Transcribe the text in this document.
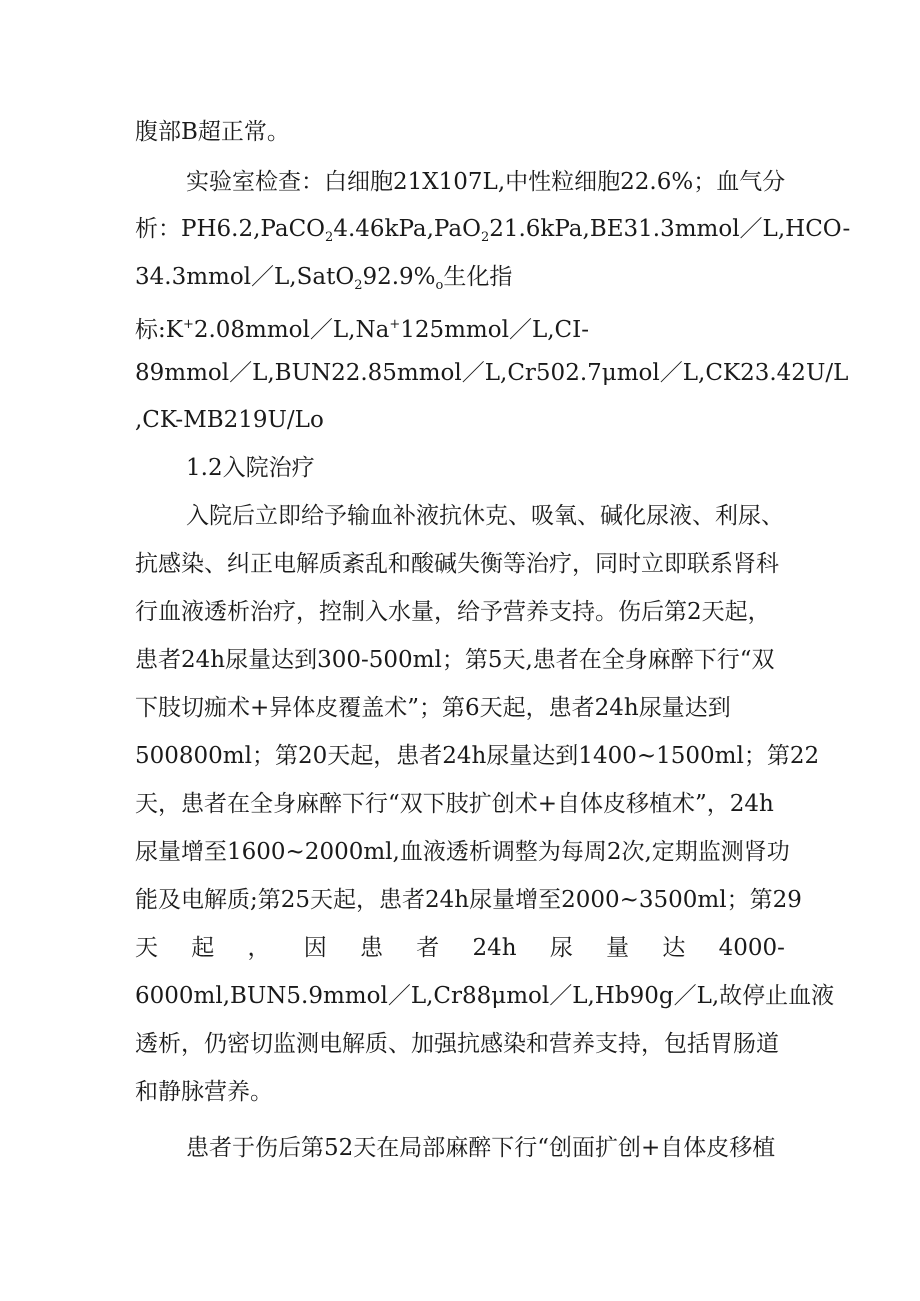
腹部B超正常。
实验室检查：白细胞21X107L,中性粒细胞22.6%；血气分
析：PH6.2,PaCO$_2$4.46kPa,PaO$_2$21.6kPa,BE31.3mmol／L,HCO-
$34.3mmol/L,SatO_292.9\%_o$生化指
标:K+2.08mmol／L,Na+125mmol／L,CI-
89mmol／L,BUN22.85mmol／L,Cr502.7μmol／L,CK23.42U/L
,CK-MB219U/Lo
1.2入院治疗
入院后立即给予输血补液抗休克、吸氧、碱化尿液、利尿、
抗感染、纠正电解质紊乱和酸碱失衡等治疗，同时立即联系肾科
行血液透析治疗，控制入水量，给予营养支持。伤后第2天起，
患者24h尿量达到300-500ml；第5天,患者在全身麻醉下行“双
下肢切痂术+异体皮覆盖术”；第6天起，患者24h尿量达到
500800ml；第20天起，患者24h尿量达到1400~1500ml；第22
天，患者在全身麻醉下行“双下肢扩创术+自体皮移植术”，24h
尿量增至1600~2000ml,血液透析调整为每周2次,定期监测肾功
能及电解质;第25天起，患者24h尿量增至2000~3500ml；第29
天 起 ， 因 患 者 24h 尿 量 达 4000-
6000ml,BUN5.9mmol／L,Cr88μmol／L,Hb90g／L,故停止血液
透析，仍密切监测电解质、加强抗感染和营养支持，包括胃肠道
和静脉营养。
患者于伤后第52天在局部麻醉下行“创面扩创+自体皮移植
